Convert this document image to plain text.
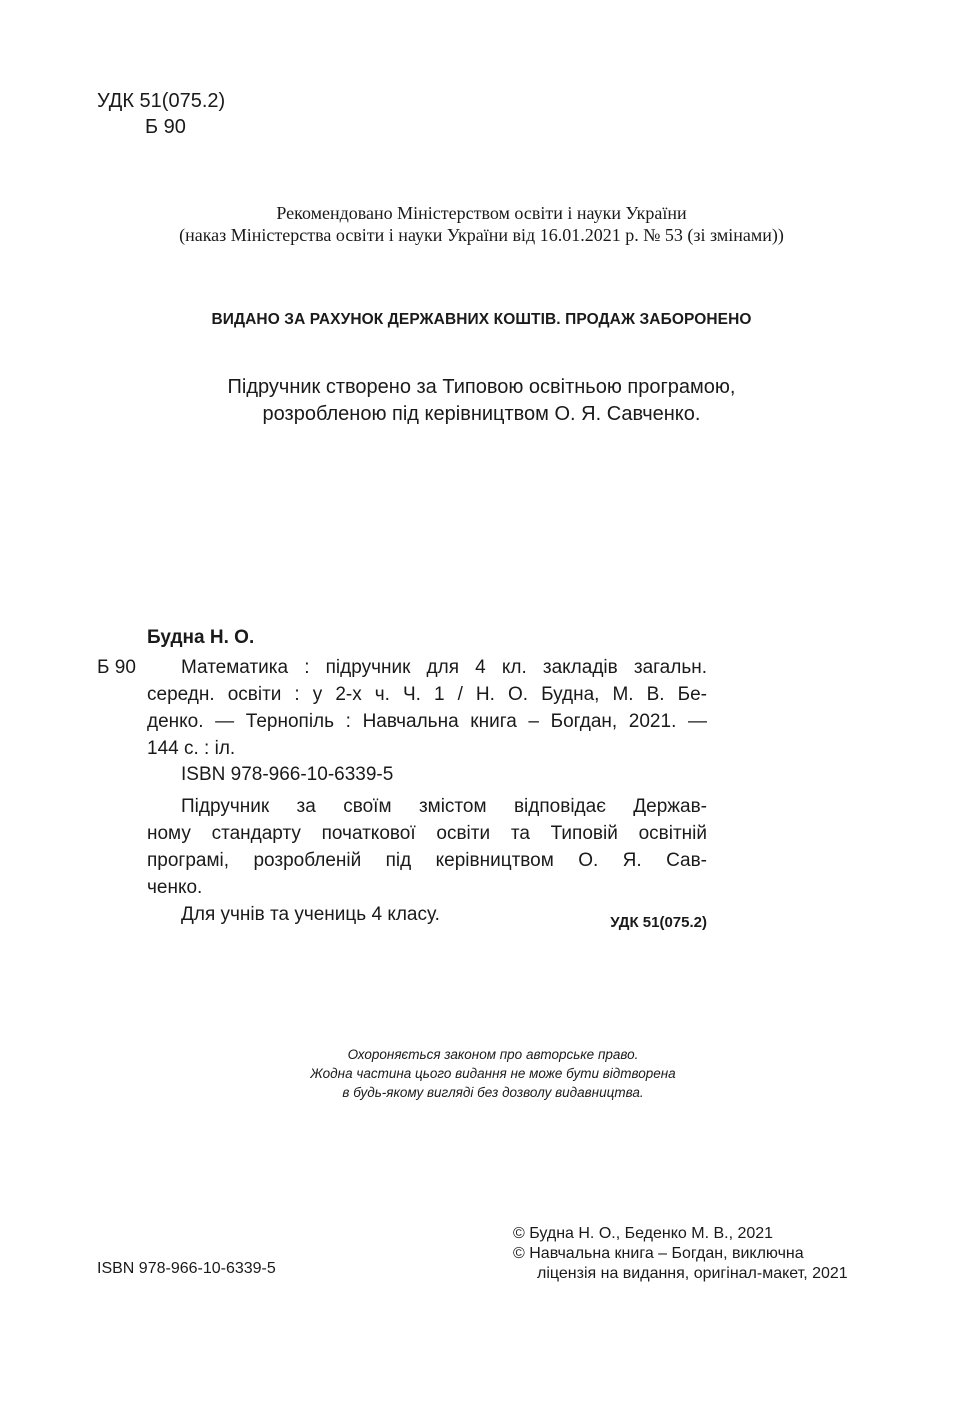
УДК 51(075.2)
Б 90
Рекомендовано Міністерством освіти і науки України
(наказ Міністерства освіти і науки України від 16.01.2021 р. № 53 (зі змінами))
ВИДАНО ЗА РАХУНОК ДЕРЖАВНИХ КОШТІВ. ПРОДАЖ ЗАБОРОНЕНО
Підручник створено за Типовою освітньою програмою,
розробленою під керівництвом О. Я. Савченко.
Будна Н. О.
Б 90	Математика : підручник для 4 кл. закладів загальн.
середн. освіти : у 2-х ч. Ч. 1 / Н. О. Будна, М. В. Бе-
денко. — Тернопіль : Навчальна книга – Богдан, 2021. —
144 с. : іл.
ISBN 978-966-10-6339-5
Підручник за своїм змістом відповідає Держав-
ному стандарту початкової освіти та Типовій освітній
програмі, розробленій під керівництвом О. Я. Сав-
ченко.
Для учнів та учениць 4 класу.	УДК 51(075.2)
Охороняється законом про авторське право.
Жодна частина цього видання не може бути відтворена
в будь-якому вигляді без дозволу видавництва.
ISBN 978-966-10-6339-5
© Будна Н. О., Беденко М. В., 2021
© Навчальна книга – Богдан, виключна
ліцензія на видання, оригінал-макет, 2021
